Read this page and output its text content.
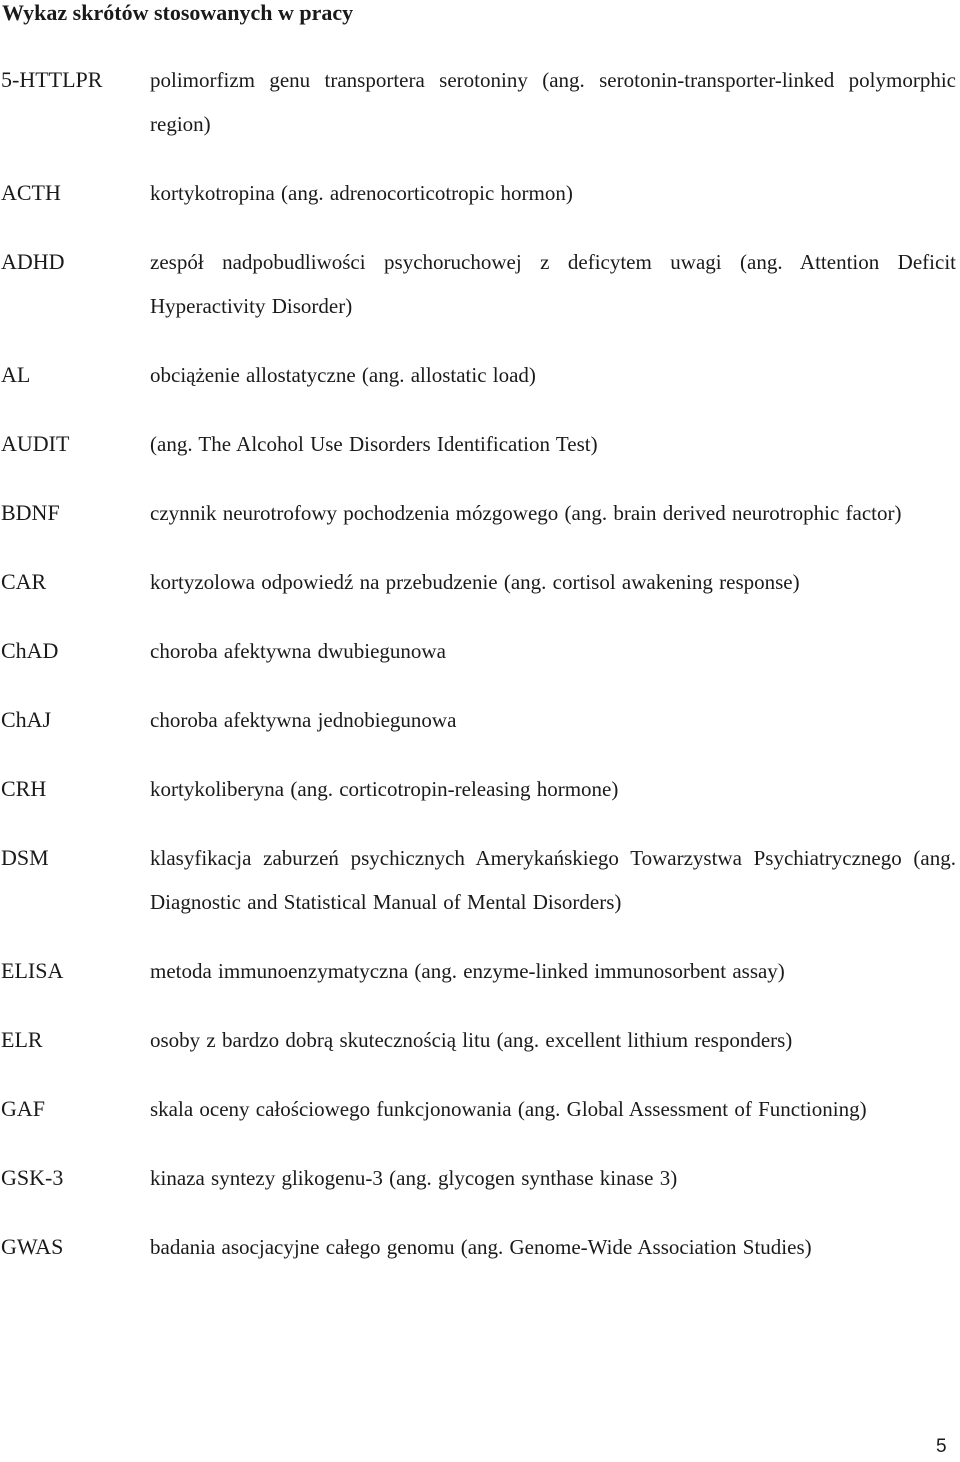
Wykaz skrótów stosowanych w pracy
5-HTTLPR	polimorfizm genu transportera serotoniny (ang. serotonin-transporter-linked polymorphic region)
ACTH	kortykotropina (ang. adrenocorticotropic hormon)
ADHD	zespół nadpobudliwości psychoruchowej z deficytem uwagi (ang. Attention Deficit Hyperactivity Disorder)
AL	obciążenie allostatyczne (ang. allostatic load)
AUDIT	(ang. The Alcohol Use Disorders Identification Test)
BDNF	czynnik neurotrofowy pochodzenia mózgowego (ang. brain derived neurotrophic factor)
CAR	kortyzolowa odpowiedź na przebudzenie (ang. cortisol awakening response)
ChAD	choroba afektywna dwubiegunowa
ChAJ	choroba afektywna jednobiegunowa
CRH	kortykoliberyna (ang. corticotropin-releasing hormone)
DSM	klasyfikacja zaburzeń psychicznych Amerykańskiego Towarzystwa Psychiatrycznego (ang. Diagnostic and Statistical Manual of Mental Disorders)
ELISA	metoda immunoenzymatyczna (ang. enzyme-linked immunosorbent assay)
ELR	osoby z bardzo dobrą skutecznością litu (ang. excellent lithium responders)
GAF	skala oceny całościowego funkcjonowania (ang. Global Assessment of Functioning)
GSK-3	kinaza syntezy glikogenu-3 (ang. glycogen synthase kinase 3)
GWAS	badania asocjacyjne całego genomu (ang. Genome-Wide Association Studies)
5
